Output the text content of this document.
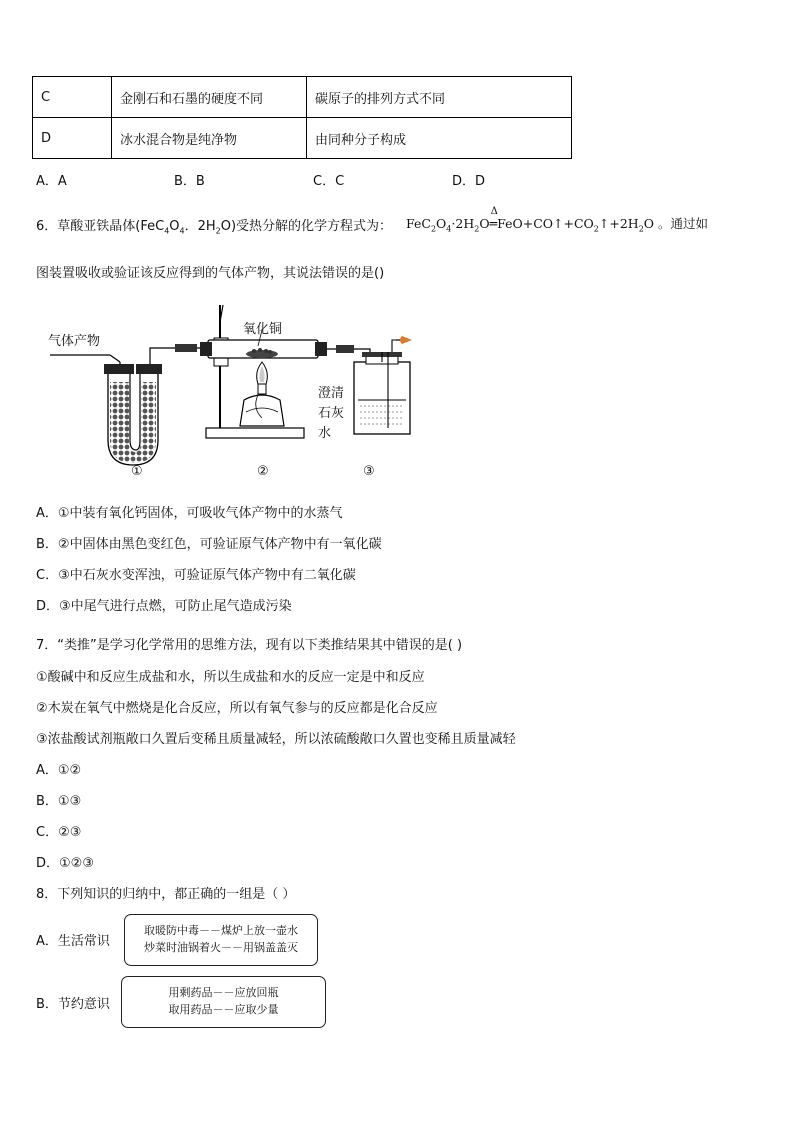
C	金刚石和石墨的硬度不同	碳原子的排列方式不同
D	冰水混合物是纯净物	由同种分子构成
A．A	B．B	C．C	D．D
6．草酸亚铁晶体($FeC_4O_4$．$2H_2O$)受热分解的化学方程式为： $FeC_2O_4\cdot 2H_2O$
Δ
$═FeO+CO↑+CO_2↑+2H_2O$ 。通过如
图装置吸收或验证该反应得到的气体产物，其说法错误的是()
气体产物
氧化铜
澄清
石灰
水
①	②	③
A．①中装有氧化钙固体，可吸收气体产物中的水蒸气
B．②中固体由黑色变红色，可验证原气体产物中有一氧化碳
C．③中石灰水变浑浊，可验证原气体产物中有二氧化碳
D．③中尾气进行点燃，可防止尾气造成污染
7．“类推”是学习化学常用的思维方法，现有以下类推结果其中错误的是( )
①酸碱中和反应生成盐和水，所以生成盐和水的反应一定是中和反应
②木炭在氧气中燃烧是化合反应，所以有氧气参与的反应都是化合反应
③浓盐酸试剂瓶敞口久置后变稀且质量减轻，所以浓硫酸敞口久置也变稀且质量减轻
A．①②
B．①③
C．②③
D．①②③
8．下列知识的归纳中，都正确的一组是（ ）
A．生活常识
取暖防中毒－－煤炉上放一壶水
炒菜时油锅着火－－用锅盖盖灭
B．节约意识
用剩药品－－应放回瓶
取用药品－－应取少量
